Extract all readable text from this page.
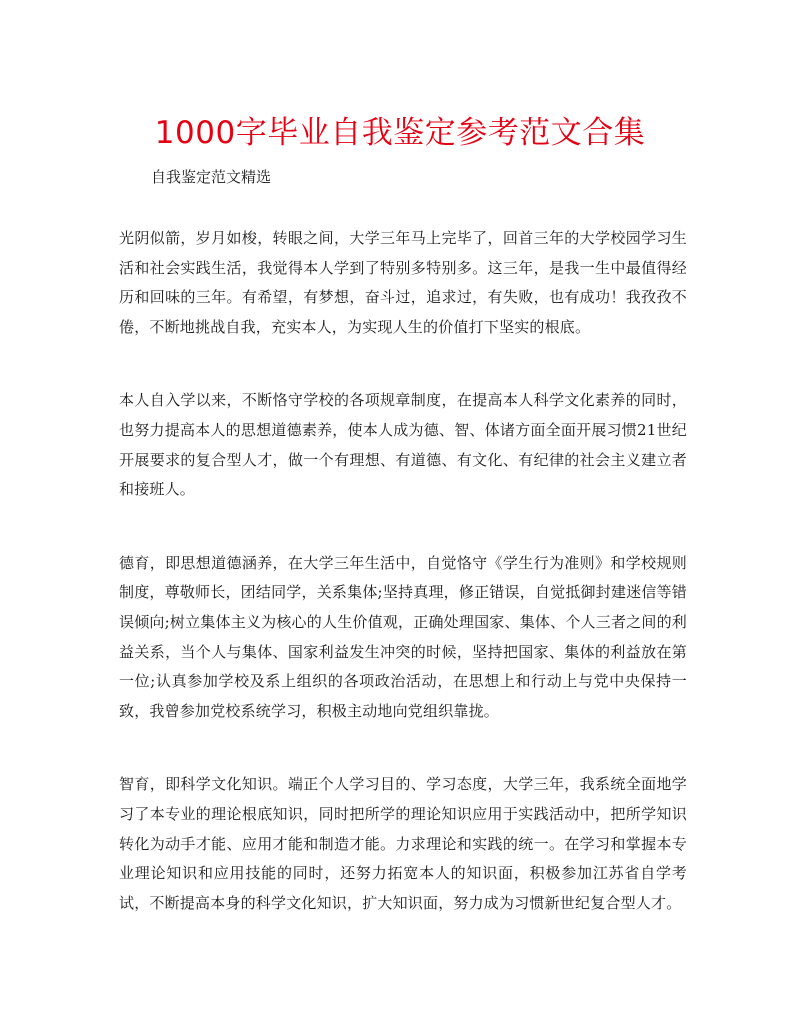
1000字毕业自我鉴定参考范文合集

自我鉴定范文精选

光阴似箭，岁月如梭，转眼之间，大学三年马上完毕了，回首三年的大学校园学习生活和社会实践生活，我觉得本人学到了特别多特别多。这三年，是我一生中最值得经历和回味的三年。有希望，有梦想，奋斗过，追求过，有失败，也有成功！我孜孜不倦，不断地挑战自我，充实本人，为实现人生的价值打下坚实的根底。

本人自入学以来，不断恪守学校的各项规章制度，在提高本人科学文化素养的同时，也努力提高本人的思想道德素养，使本人成为德、智、体诸方面全面开展习惯21世纪开展要求的复合型人才，做一个有理想、有道德、有文化、有纪律的社会主义建立者和接班人。

德育，即思想道德涵养，在大学三年生活中，自觉恪守《学生行为准则》和学校规则制度，尊敬师长，团结同学，关系集体;坚持真理，修正错误，自觉抵御封建迷信等错误倾向;树立集体主义为核心的人生价值观，正确处理国家、集体、个人三者之间的利益关系，当个人与集体、国家利益发生冲突的时候，坚持把国家、集体的利益放在第一位;认真参加学校及系上组织的各项政治活动，在思想上和行动上与党中央保持一致，我曾参加党校系统学习，积极主动地向党组织靠拢。

智育，即科学文化知识。端正个人学习目的、学习态度，大学三年，我系统全面地学习了本专业的理论根底知识，同时把所学的理论知识应用于实践活动中，把所学知识转化为动手才能、应用才能和制造才能。力求理论和实践的统一。在学习和掌握本专业理论知识和应用技能的同时，还努力拓宽本人的知识面，积极参加江苏省自学考试，不断提高本身的科学文化知识，扩大知识面，努力成为习惯新世纪复合型人才。
